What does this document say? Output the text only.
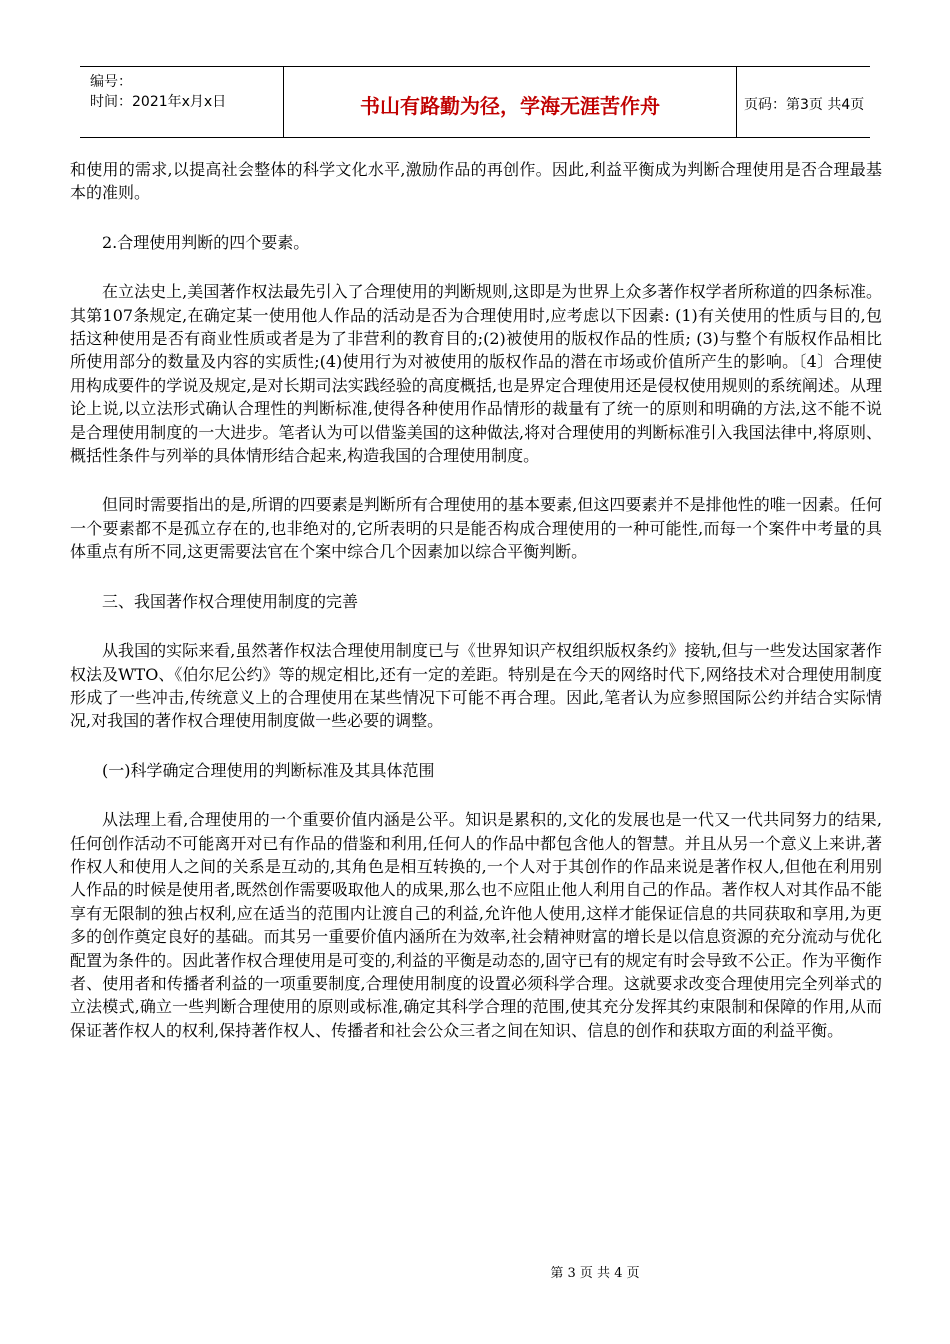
编号：
时间：2021年x月x日	书山有路勤为径，学海无涯苦作舟	页码：第3页 共4页

和使用的需求,以提高社会整体的科学文化水平,激励作品的再创作。因此,利益平衡成为判断合理使用是否合理最基本的准则。

2.合理使用判断的四个要素。

在立法史上,美国著作权法最先引入了合理使用的判断规则,这即是为世界上众多著作权学者所称道的四条标准。其第107条规定,在确定某一使用他人作品的活动是否为合理使用时,应考虑以下因素: (1)有关使用的性质与目的,包括这种使用是否有商业性质或者是为了非营利的教育目的;(2)被使用的版权作品的性质; (3)与整个有版权作品相比所使用部分的数量及内容的实质性;(4)使用行为对被使用的版权作品的潜在市场或价值所产生的影响。〔4〕合理使用构成要件的学说及规定,是对长期司法实践经验的高度概括,也是界定合理使用还是侵权使用规则的系统阐述。从理论上说,以立法形式确认合理性的判断标准,使得各种使用作品情形的裁量有了统一的原则和明确的方法,这不能不说是合理使用制度的一大进步。笔者认为可以借鉴美国的这种做法,将对合理使用的判断标准引入我国法律中,将原则、概括性条件与列举的具体情形结合起来,构造我国的合理使用制度。

但同时需要指出的是,所谓的四要素是判断所有合理使用的基本要素,但这四要素并不是排他性的唯一因素。任何一个要素都不是孤立存在的,也非绝对的,它所表明的只是能否构成合理使用的一种可能性,而每一个案件中考量的具体重点有所不同,这更需要法官在个案中综合几个因素加以综合平衡判断。

三、我国著作权合理使用制度的完善

从我国的实际来看,虽然著作权法合理使用制度已与《世界知识产权组织版权条约》接轨,但与一些发达国家著作权法及WTO、《伯尔尼公约》等的规定相比,还有一定的差距。特别是在今天的网络时代下,网络技术对合理使用制度形成了一些冲击,传统意义上的合理使用在某些情况下可能不再合理。因此,笔者认为应参照国际公约并结合实际情况,对我国的著作权合理使用制度做一些必要的调整。

(一)科学确定合理使用的判断标准及其具体范围

从法理上看,合理使用的一个重要价值内涵是公平。知识是累积的,文化的发展也是一代又一代共同努力的结果,任何创作活动不可能离开对已有作品的借鉴和利用,任何人的作品中都包含他人的智慧。并且从另一个意义上来讲,著作权人和使用人之间的关系是互动的,其角色是相互转换的,一个人对于其创作的作品来说是著作权人,但他在利用别人作品的时候是使用者,既然创作需要吸取他人的成果,那么也不应阻止他人利用自己的作品。著作权人对其作品不能享有无限制的独占权利,应在适当的范围内让渡自己的利益,允许他人使用,这样才能保证信息的共同获取和享用,为更多的创作奠定良好的基础。而其另一重要价值内涵所在为效率,社会精神财富的增长是以信息资源的充分流动与优化配置为条件的。因此著作权合理使用是可变的,利益的平衡是动态的,固守已有的规定有时会导致不公正。作为平衡作者、使用者和传播者利益的一项重要制度,合理使用制度的设置必须科学合理。这就要求改变合理使用完全列举式的立法模式,确立一些判断合理使用的原则或标准,确定其科学合理的范围,使其充分发挥其约束限制和保障的作用,从而保证著作权人的权利,保持著作权人、传播者和社会公众三者之间在知识、信息的创作和获取方面的利益平衡。

第 3 页 共 4 页
